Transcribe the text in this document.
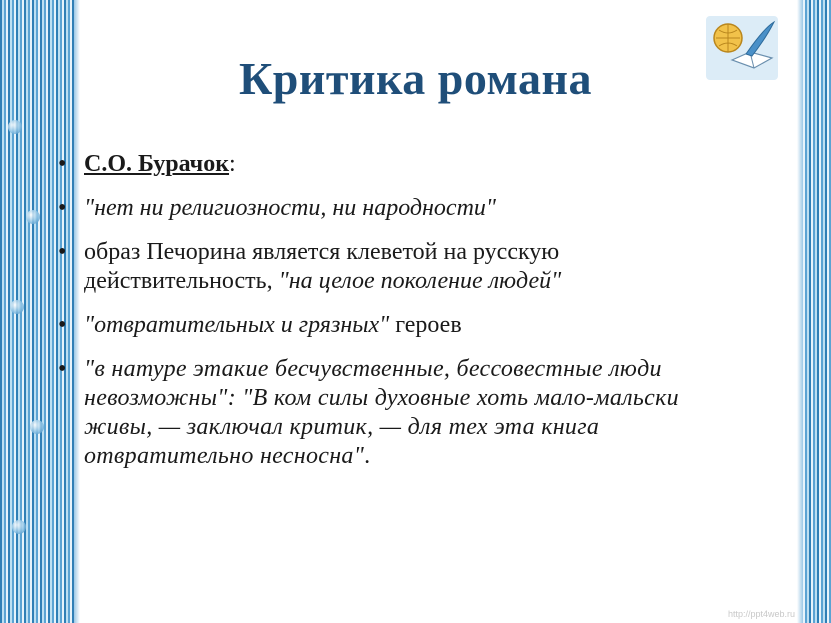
Критика романа
• С.О. Бурачок:
• "нет ни религиозности, ни народности"
• образ Печорина является клеветой на русскую действительность, "на целое поколение людей"
• "отвратительных и грязных" героев
• "в натуре этакие бесчувственные, бессовестные люди невозможны": "В ком силы духовные хоть мало-мальски живы, — заключал критик, — для тех эта книга отвратительно несносна".
http://ppt4web.ru
